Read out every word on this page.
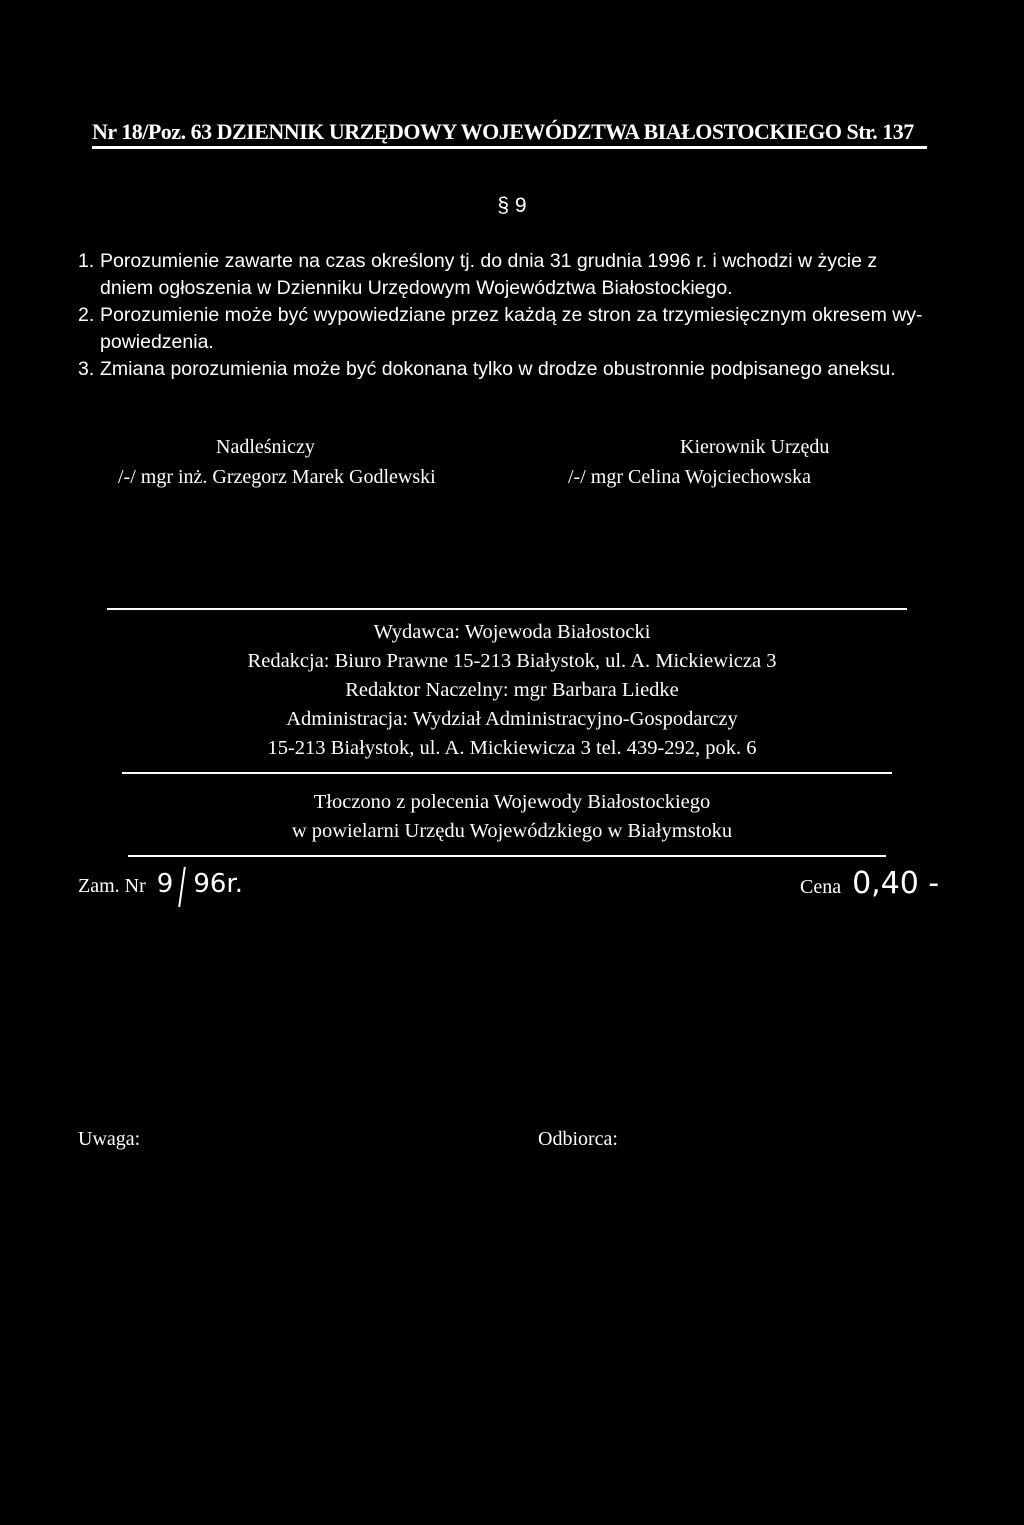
Nr 18/Poz. 63 DZIENNIK URZĘDOWY WOJEWÓDZTWA BIAŁOSTOCKIEGO Str. 137
§ 9

1. Porozumienie zawarte na czas określony tj. do dnia 31 grudnia 1996 r. i wchodzi w życie z
dniem ogłoszenia w Dzienniku Urzędowym Województwa Białostockiego.

2. Porozumienie może być wypowiedziane przez każdą ze stron za trzymiesięcznym okresem wy-
powiedzenia.

3. Zmiana porozumienia może być dokonana tylko w drodze obustronnie podpisanego aneksu.

Nadleśniczy
/-/ mgr inż. Grzegorz Marek Godlewski
Kierownik Urzędu
/-/ mgr Celina Wojciechowska
Wydawca: Wojewoda Białostocki
Redakcja: Biuro Prawne 15-213 Białystok, ul. A. Mickiewicza 3
Redaktor Naczelny: mgr Barbara Liedke
Administracja: Wydział Administracyjno-Gospodarczy
15-213 Białystok, ul. A. Mickiewicza 3 tel. 439-292, pok. 6
Tłoczono z polecenia Wojewody Białostockiego
w powielarni Urzędu Wojewódzkiego w Białymstoku
Zam. Nr 9 96r.	Cena 0,40 -
Uwaga:	Odbiorca:
